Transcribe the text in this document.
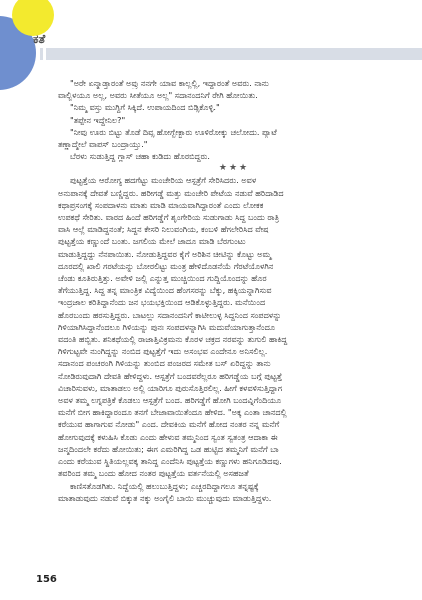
ಕತೆ

"ಅರೇ ಏನ್ಮಾಡ್ತಾರಂತೆ ಅವ್ರು ನನಗೇ ಯಾವ ಕಾಲ್ಲಲ್ಲಿ, ಇದ್ದಾರಂತೆ ಅವರು. ನಾನು

ವಾಲ್ಬಿಳಯೂ ಅಲ್ಲ, ಅವರು ಸೀತೆಯೂ ಅಲ್ಲ" ಸದಾನಂದನಿಗೆ ರೇಗಿ ಹೋಯಿತು.

"ನಿಮ್ಮ ವಸ್ತು ಮುಗ್ದಿಗೆ ಸಿಕ್ಕಿದೆ. ಉಪಾಯದಿಂದ ಬಿಡ್ಸಿಕೊಳ್ಳಿ."

"ತಪ್ಪೇನ ಇದ್ದೇನಿಲ?"

"ನೀವು ಊರು ಬಿಟ್ಟು ತೊಡೆ ದಿವ್ಸ ಹೋಗ್ಬೇಕ್ಬಾರು ಊಳಿರೋಕ್ಕು ಚಲೋದು. ಪ್ಯಾಟೆ

ತಣ್ಣಾದ್ಮೇಲೆ ವಾಪಸ್ ಬಂದ್ರಾಯ್ತು."

ಬೆರಳು ಸುಡುತ್ತಿದ್ದ ಗ್ಲಾಸ್ ಚಹಾ ಕುಡಿದು ಹೊರಬಿದ್ದರು.

★★★

ಪುಟ್ಟತ್ತೆಯ ಆರೋಗ್ಯ ಹದಗೆಟ್ಟು ಮಂಚೇರಿಯ ಆಸ್ಪತ್ರೆಗೆ ಸೇರಿಸಿದರು. ಅವಳ

ಅನುಪಾನಕ್ಕೆ ದೇವತೆ ಬಣ್ಣಿದ್ದರು. ಹರೀಗಡ್ಡೆ ಮತ್ತು ಮಂಚೇರಿ ಪೇಟೆಯ ನಡುವೆ ಹರಿದಾಡಿದ

ಕಥಾಪ್ರಸಂಗಕ್ಕೆ ಸಂಪದಾಳನು ಮಾತು ಮಾಡಿ ಮಾಯವಾಗಿದ್ದಾರಂತೆ ಎಂದು ಲೋಕಕ

ಉಪಕಥೆ ಸೇರಿತು. ವಾರದ ಹಿಂದೆ ಹರಿಗಡ್ಡೆಗೆ ಶೃಂಗೇರಿಯ ಸುಡುಗಾಡು ಸಿದ್ಧ ಬಂದು ರಾತ್ರಿ

ವಾಸಿ ಆಲ್ಲೆ ಮಾಡಿದ್ದನಂತೆ; ಸಿದ್ಧನ ಕೇಸರಿ ನಿಲುವಂಗಿಯ, ಕಂಬಳಿ ಹೆಗಲೇರಿಸಿದ ವೇಷ

ಪುಟ್ಟತ್ತೆಯ ಕಣ್ಣುಂದೆ ಬಂತು. ಜಗಲಿಯ ಮೇಲೆ ಜಾದೂ ಮಾಡಿ ಬೆರಗುಂಟು

ಮಾಡುತ್ತಿದ್ದದ್ದು ನೆನಪಾಯಿತು. ನೋಡುತ್ತಿದ್ದವರ ಕೈಗೆ ಅರಿಶಿನ ಚೀಟಿನ್ನು ಕೊಟ್ಟು ಅಮ್ಮ

ದೂರದಲ್ಲಿ ಖಾಲಿ ಗರಟೆಯನ್ನು ಬೋರಲಿಟ್ಟು ಮಂತ್ರ ಹೇಳಿದೊಡನೆಯೆ ಗೆರಟೆಯೊಳಗಿನ

ಚೆಂಡು ಕೂತಿರುತ್ತಿತ್ತು. ಅವೇಳಿ ಜಲ್ಲಿ ಎನ್ನುತ್ತ ಮುಚ್ಚಿಯಿಂದ ಗುದ್ದಿಯೊಂದನ್ನು ಹೊರ

ತೆಗೆಯುತ್ತಿದ್ದ. ಸಿದ್ಧ ತನ್ನ ಮಾಂತ್ರಿಕ ವಿದ್ಯೆಯಿಂದ ಹೆಂಗಸರನ್ನು ಬೆಕ್ಕು, ಹಕ್ಕಿಯನ್ನಾಗಿಸುವ

ಇಂದ್ರಜಾಲ ಕರಿತಿದ್ದಾನೆಂದು ಜನ ಭಯಭಕ್ತಿಯಿಂದ ಆಡಿಕೊಳ್ಳುತ್ತಿದ್ದರು. ಮನೆಯಿಂದ

ಹೊರಬಂದು ಹರಸುತ್ತಿದ್ದರು. ಬಾಟಲ್ಲು ಸದಾನಂದನಿಗೆ ಕಾಟೀಲುಳ್ಳ ಸಿದ್ಧನಿಂದ ಸಂಪದಳನ್ನು

ಗಿಳಿಯಾಗಿಸಿದ್ದಾನೆಂದಲೂ ಗಿಳಿಯನ್ನು ಪುನಃ ಸಂಪದಳನ್ನಾಗಿಸಿ ಮದುವೆಯಾಗುತ್ತಾನೆಂದೂ

ವದಂತಿ ಹಬ್ಬಿತು. ಶನಿಕಥೆಯಲ್ಲಿ ರಾಜಾತ್ತಿವಿಕ್ರಮನು ಕೊರಳ ಚಕ್ರದ ನರವನ್ನು ತುಗುಲಿ ಹಾಕಿದ್ದ

ಗಿಳಿಗುಟ್ಟವೇ ನುಂಗಿದ್ದನ್ನು ನಂಬಿದ ಪುಟ್ಟತ್ತೆಗೆ ಇದು ಅಸಂಭವ ಎಂದೇನೂ ಅನಿಸಲಿಲ್ಲ.

ಸದಾನಂದ ಪಂಚರಂಗಿ ಗಿಳಿಯನ್ನು ತುಂಬಿದ ಪಂಜರದ ಸಮೇತ ಬಸ್ ಏರಿದ್ದನ್ನು ತಾನು

ನೋಡಿರುವುದಾಗಿ ದೇವತಿ ಹೇಳಿದ್ದಳು. ಆಸ್ಪತ್ರೆಗೆ ಬಂದವರೆಲ್ಲರೂ ಹರಿಗಡ್ಡೆಯ ಬಗ್ಗೆ ಪುಟ್ಟತ್ತೆ

ವಿಚಾರಿಸುವಳು, ಮಾತಾಡಲು ಅಲ್ಲಿ ಯಾರಿಗೂ ಪುರುಸೊತ್ತಿರಲಿಲ್ಲ. ಹೀಗೆ ಕಳವಳಿಸುತ್ತಿದ್ದಾಗ

ಅವಳ ತಮ್ಮ ಲಗ್ನಪತ್ರಿಕೆ ಕೊಡಲು ಆಸ್ಪತ್ರೆಗೆ ಬಂದ. ಹರಿಗಡ್ಡೆಗೆ ಹೋಗಿ ಬಂದವ್ನಿಗೆಂದಿಯೂ

ಮನೆಗೆ ಬೀಗ ಹಾಕಿದ್ದಾರಂದೂ ತನಗೆ ಬೇಜಾವಾಯಿತೆಂದೂ ಹೇಳಿದ. "ಅಕ್ಕ ಎಂತಾ ಚಾನದಲ್ಲಿ

ಕರೆಯುವ ಹಾಗಾಗುವ ನೋಡು" ಎಂದ. ದೇವಕಿಯ ಮನೆಗೆ ಹೋದ ನಂತರ ನನ್ನ ಮನೆಗೆ

ಹೋಗುವುದಕ್ಕೆ ಕಳುಹಿಸಿ ಕೊಡು ಎಂದು ಹೇಳುವ ತಮ್ಮನಿಂದ ಸ್ವಂತ ಸ್ವತಂತ್ರ ಆದಾಕಾ ಈ

ಜನ್ಮದಿಂದಲೇ ಕರೆದು ಹೋಯಿತು; ಈಗ ಎಮರಿಗಿದ್ದ ಒಡ ಹುಟ್ಟಿದ ತಮ್ಮನಿಗೆ ಮನೆಗೆ ಬಾ

ಎಂದು ಕರೆಯುವ ಸ್ಥಿತಿಯಲ್ಲವಕ್ಕ ತಾನಿದ್ದ ಎಂದೆನಿಸಿ ಪುಟ್ಟತ್ತೆಯ ಕಣ್ಣುಗಳು ಹನಿಗೂಡಿದವು.

ತವರಿಂದ ತಮ್ಮ ಬಂದು ಹೋದ ನಂತರ ಪುಟ್ಟತ್ತೆಯ ವರ್ತನೆಯಲ್ಲಿ ಅಸಹಜತೆ

ಕಾಣಿಸತೊಡಗಿತು. ನಿದ್ದೆಯಲ್ಲಿ ಹಲುಬುತ್ತಿದ್ದಳು; ಎಚ್ಚರದಿದ್ದಾಗಲೂ ತನ್ನಷ್ಟಕ್ಕೆ

ಮಾತಾಡುವುದು ನಡುವೆ ಬಿಕ್ಕುತ ನಕ್ಕು ಅಂಗೈಲಿ ಬಾಯಿ ಮುಚ್ಚುವುದು ಮಾಡುತ್ತಿದ್ದಳು.

156
